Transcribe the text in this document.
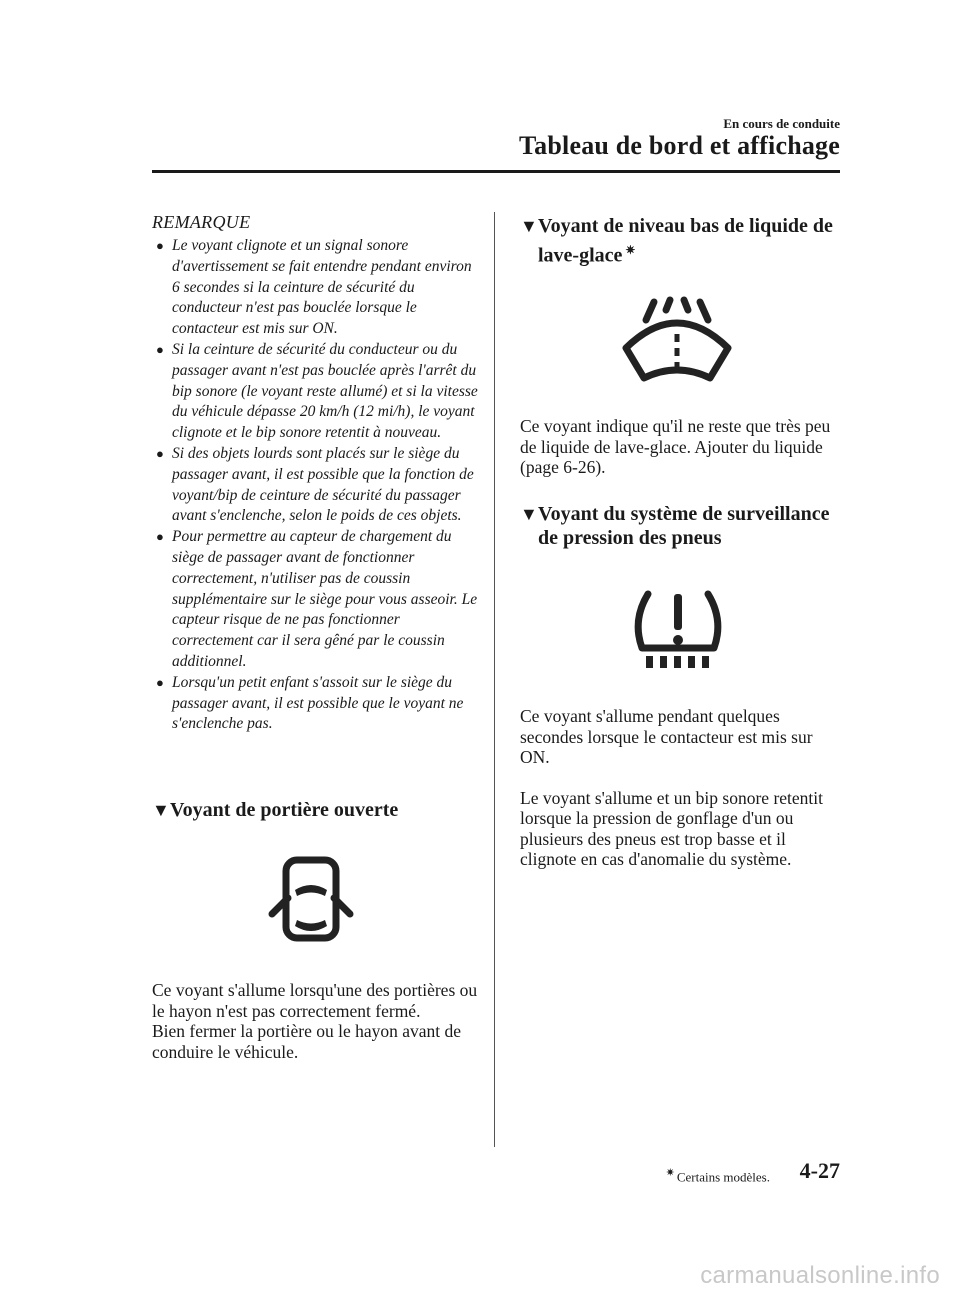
En cours de conduite
Tableau de bord et affichage
REMARQUE
● Le voyant clignote et un signal sonore d'avertissement se fait entendre pendant environ 6 secondes si la ceinture de sécurité du conducteur n'est pas bouclée lorsque le contacteur est mis sur ON.
● Si la ceinture de sécurité du conducteur ou du passager avant n'est pas bouclée après l'arrêt du bip sonore (le voyant reste allumé) et si la vitesse du véhicule dépasse 20 km/h (12 mi/h), le voyant clignote et le bip sonore retentit à nouveau.
● Si des objets lourds sont placés sur le siège du passager avant, il est possible que la fonction de voyant/bip de ceinture de sécurité du passager avant s'enclenche, selon le poids de ces objets.
● Pour permettre au capteur de chargement du siège de passager avant de fonctionner correctement, n'utiliser pas de coussin supplémentaire sur le siège pour vous asseoir. Le capteur risque de ne pas fonctionner correctement car il sera gêné par le coussin additionnel.
● Lorsqu'un petit enfant s'assoit sur le siège du passager avant, il est possible que le voyant ne s'enclenche pas.
▼ Voyant de portière ouverte

Ce voyant s'allume lorsqu'une des portières ou le hayon n'est pas correctement fermé.

Bien fermer la portière ou le hayon avant de conduire le véhicule.

▼ Voyant de niveau bas de liquide de lave-glace ✷

Ce voyant indique qu'il ne reste que très peu de liquide de lave-glace. Ajouter du liquide (page 6-26).

▼ Voyant du système de surveillance de pression des pneus

Ce voyant s'allume pendant quelques secondes lorsque le contacteur est mis sur ON.

Le voyant s'allume et un bip sonore retentit lorsque la pression de gonflage d'un ou plusieurs des pneus est trop basse et il clignote en cas d'anomalie du système.

✷ Certains modèles. 4-27
carmanualsonline.info
